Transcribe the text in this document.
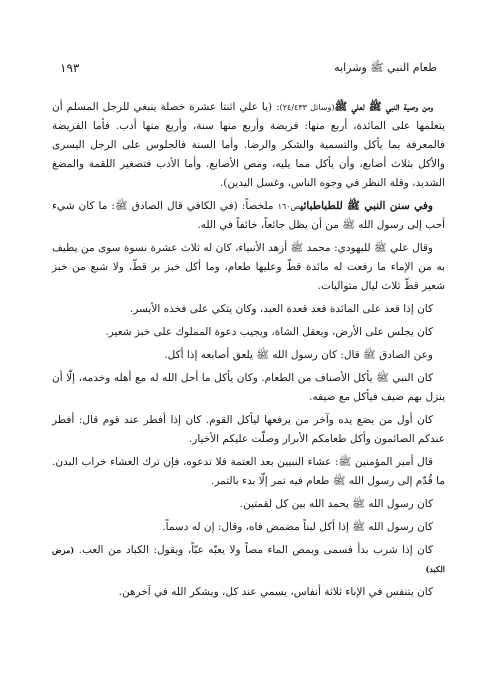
طعام النبي ﷺ وشرابه
١٩٣

ومن وصية النبي ﷺ لعلي ﷺ(وسائل ٢٤/٤٣٣): (يا علي اثنتا عشرة خصلة ينبغي للرجل المسلم أن يتعلمها على المائدة، أربع منها: فريضة وأربع منها سنة، وأربع منها أدب. فأما الفريضة فالمعرفة بما يأكل والتسمية والشكر والرضا. وأما السنة فالجلوس على الرجل اليسرى والأكل بثلاث أصابع، وأن يأكل مما يليه، ومص الأصابع. وأما الأدب فتصغير اللقمة والمضغ الشديد، وقلة النظر في وجوه الناس، وغسل اليدين).

وفي سنن النبي ﷺ للطباطبائيص١٦٠ ملخصاً: (في الكافي قال الصادق ﷺ: ما كان شيء أحب إلى رسول الله ﷺ من أن يظل جائعاً، خائفاً في الله.

وقال علي ﷺ لليهودي: محمد ﷺ أزهد الأنبياء، كان له ثلاث عشرة نسوة سوى من يطيف به من الإماء ما رفعت له مائدة قطّ وعليها طعام، وما أكل خبز بر قطّ، ولا شبع من خبز شعير قطّ ثلاث ليال متواليات.

كان إذا قعد على المائدة قعد قعدة العبد، وكان يتكي على فخذه الأيسر.

كان يجلس على الأرض، ويعقل الشاة، ويجيب دعوة المملوك على خبز شعير.

وعن الصادق ﷺ قال: كان رسول الله ﷺ يلعق أصابعه إذا أكل.

كان النبي ﷺ يأكل الأصناف من الطعام. وكان يأكل ما أحل الله له مع أهله وخدمه، إلّا أن ينزل بهم ضيف فيأكل مع ضيفه.

كان أول من يضع يده وآخر من يرفعها ليأكل القوم. كان إذا أفطر عند قوم قال: أفطر عندكم الصائمون وأكل طعامكم الأبرار وصلّت عليكم الأخيار.

قال أمير المؤمنين ﷺ: عشاء النبيين بعد العتمة فلا تدعوه، فإن ترك العشاء خراب البدن. ما قُدّم إلى رسول الله ﷺ طعام فيه تمر إلّا بدء بالتمر.

كان رسول الله ﷺ يحمد الله بين كل لقمتين.

كان رسول الله ﷺ إذا أكل لبناً مضمض فاه، وقال: إن له دسماً.

كان إذا شرب بدأ فسمى ويمص الماء مصاً ولا يعبّه عبّاً، ويقول: الكباد من العب. (مرض الكبد)

كان يتنفس في الإناء ثلاثة أنفاس، يسمي عند كل، ويشكر الله في آخرهن.
